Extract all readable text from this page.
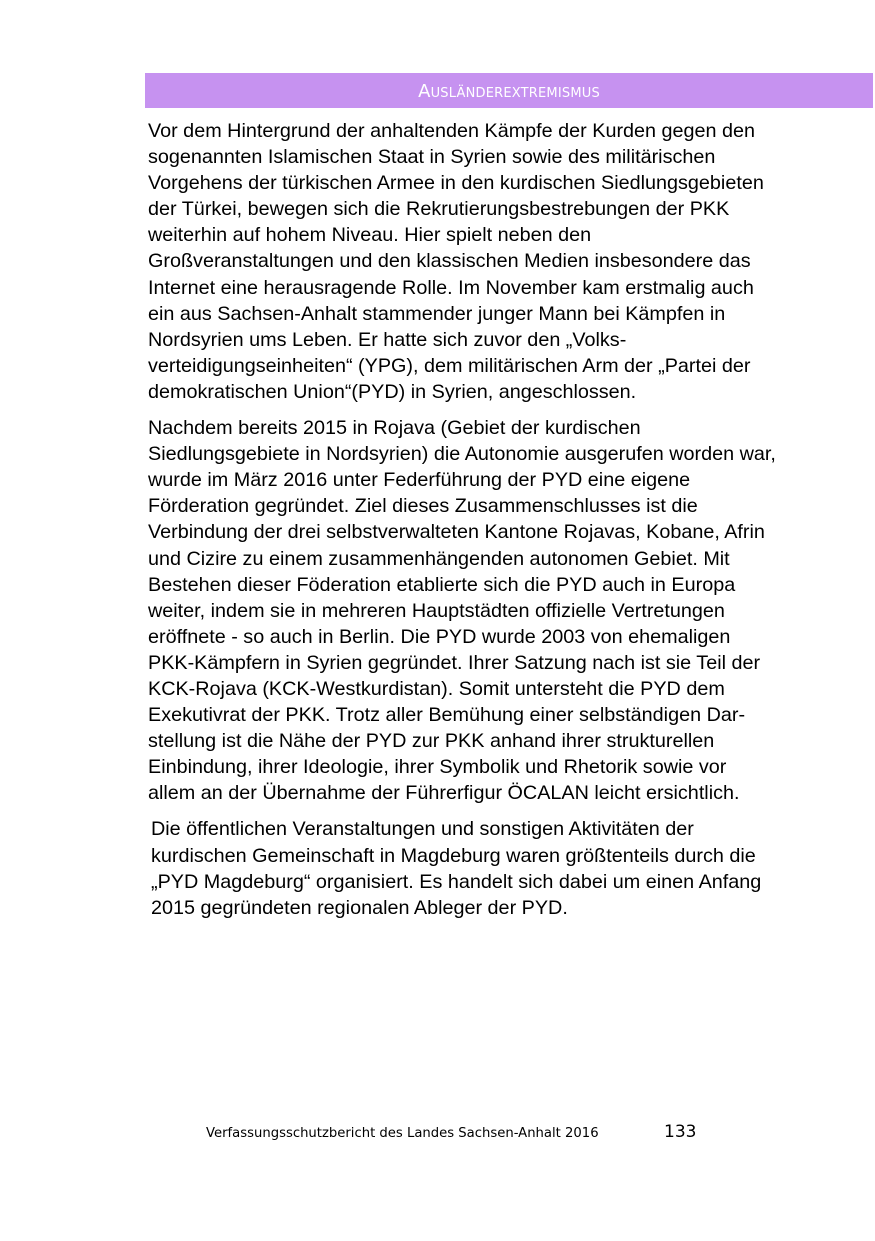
Ausländerextremismus

Vor dem Hintergrund der anhaltenden Kämpfe der Kurden gegen den sogenannten Islamischen Staat in Syrien sowie des militärischen Vorgehens der türkischen Armee in den kurdischen Siedlungsgebieten der Türkei, bewegen sich die Rekrutierungsbestrebungen der PKK weiterhin auf hohem Niveau. Hier spielt neben den Großveranstaltungen und den klassischen Medien insbesondere das Internet eine herausragende Rolle. Im November kam erstmalig auch ein aus Sachsen-Anhalt stammender junger Mann bei Kämpfen in Nordsyrien ums Leben. Er hatte sich zuvor den „Volksverteidigungseinheiten“ (YPG), dem militärischen Arm der „Partei der demokratischen Union“(PYD) in Syrien, angeschlossen.

Nachdem bereits 2015 in Rojava (Gebiet der kurdischen Siedlungsgebiete in Nordsyrien) die Autonomie ausgerufen worden war, wurde im März 2016 unter Federführung der PYD eine eigene Förderation gegründet. Ziel dieses Zusammenschlusses ist die Verbindung der drei selbstverwalteten Kantone Rojavas, Kobane, Afrin und Cizire zu einem zusammenhängenden autonomen Gebiet. Mit Bestehen dieser Föderation etablierte sich die PYD auch in Europa weiter, indem sie in mehreren Hauptstädten offizielle Vertretungen eröffnete - so auch in Berlin. Die PYD wurde 2003 von ehemaligen PKK-Kämpfern in Syrien gegründet. Ihrer Satzung nach ist sie Teil der KCK-Rojava (KCK-Westkurdistan). Somit untersteht die PYD dem Exekutivrat der PKK. Trotz aller Bemühung einer selbständigen Darstellung ist die Nähe der PYD zur PKK anhand ihrer strukturellen Einbindung, ihrer Ideologie, ihrer Symbolik und Rhetorik sowie vor allem an der Übernahme der Führerfigur ÖCALAN leicht ersichtlich.

Die öffentlichen Veranstaltungen und sonstigen Aktivitäten der kurdischen Gemeinschaft in Magdeburg waren größtenteils durch die „PYD Magdeburg“ organisiert. Es handelt sich dabei um einen Anfang 2015 gegründeten regionalen Ableger der PYD.

Verfassungsschutzbericht des Landes Sachsen-Anhalt 2016	133
